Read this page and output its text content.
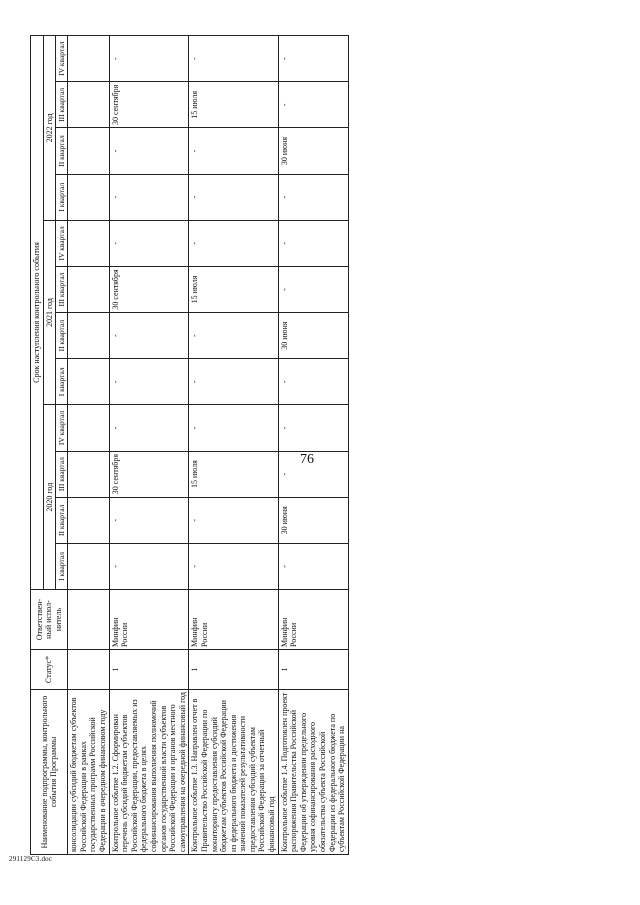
76
291129С3.doc
Наименование подпрограммы, контрольного события Программы	Статус*	Ответствен-ный испол-нитель	Срок наступления контрольного события											
			2020 год				2021 год				2022 год			
			I квартал	II квартал	III квартал	IV квартал	I квартал	II квартал	III квартал	IV квартал	I квартал	II квартал	III квартал	IV квартал
консолидации субсидий бюджетам субъектов Российской Федерации в рамках государственных программ Российской Федерации в очередном финансовом году														
Контрольное событие 1.2. Сформирован перечень субсидий бюджетам субъектов Российской Федерации, предоставляемых из федерального бюджета в целях софинансирования выполнения полномочий органов государственной власти субъектов Российской Федерации и органов местного самоуправления на очередной финансовый год	1	Минфин России	-	-	30 сентября	-	-	-	30 сентября	-	-	-	30 сентября	-
Контрольное событие 1.3. Направлен отчет в Правительство Российской Федерации по мониторингу предоставления субсидий бюджетам субъектов Российской Федерации из федерального бюджета и достижения значений показателей результативности предоставления субсидий субъектам Российской Федерации за отчетный финансовый год	1	Минфин России	-	-	15 июля	-	-	-	15 июля	-	-	-	15 июля	-
Контрольное событие 1.4. Подготовлен проект распоряжения Правительства Российской Федерации об утверждении предельного уровня софинансирования расходного обязательства субъекта Российской Федерации из федерального бюджета по субъектам Российской Федерации на	1	Минфин России	-	30 июня	-	-	-	30 июня	-	-	-	30 июня	-	-
